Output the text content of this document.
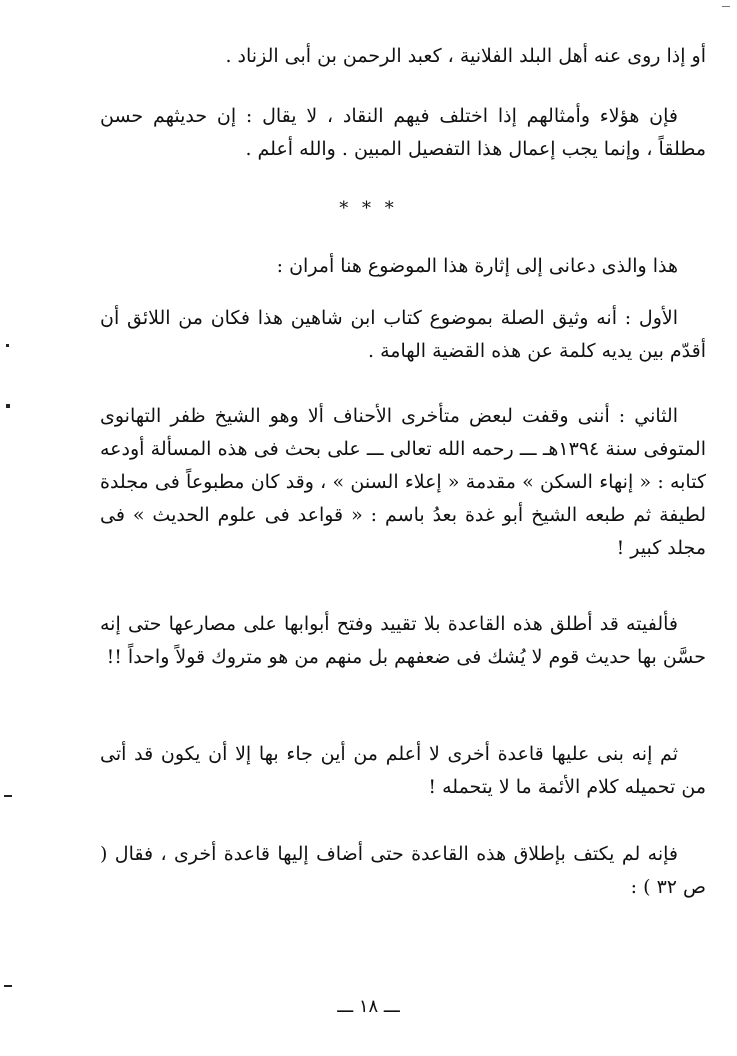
أو إذا روى عنه أهل البلد الفلانية ، كعبد الرحمن بن أبى الزناد .

فإن هؤلاء وأمثالهم إذا اختلف فيهم النقاد ، لا يقال : إن حديثهم حسن مطلقاً ، وإنما يجب إعمال هذا التفصيل المبين . والله أعلم .

* * *

هذا والذى دعانى إلى إثارة هذا الموضوع هنا أمران :

الأول : أنه وثيق الصلة بموضوع كتاب ابن شاهين هذا فكان من اللائق أن أقدّم بين يديه كلمة عن هذه القضية الهامة .

الثاني : أننى وقفت لبعض متأخرى الأحناف ألا وهو الشيخ ظفر التهانوى المتوفى سنة ١٣٩٤هـ ـــ رحمه الله تعالى ـــ على بحث فى هذه المسألة أودعه كتابه : « إنهاء السكن » مقدمة « إعلاء السنن » ، وقد كان مطبوعاً فى مجلدة لطيفة ثم طبعه الشيخ أبو غدة بعدُ باسم : « قواعد فى علوم الحديث » فى مجلد كبير !

فألفيته قد أطلق هذه القاعدة بلا تقييد وفتح أبوابها على مصارعها حتى إنه حسَّن بها حديث قوم لا يُشك فى ضعفهم بل منهم من هو متروك قولاً واحداً !!

ثم إنه بنى عليها قاعدة أخرى لا أعلم من أين جاء بها إلا أن يكون قد أتى من تحميله كلام الأئمة ما لا يتحمله !

فإنه لم يكتف بإطلاق هذه القاعدة حتى أضاف إليها قاعدة أخرى ، فقال ( ص ٣٢ ) :

ـــ ١٨ ـــ
